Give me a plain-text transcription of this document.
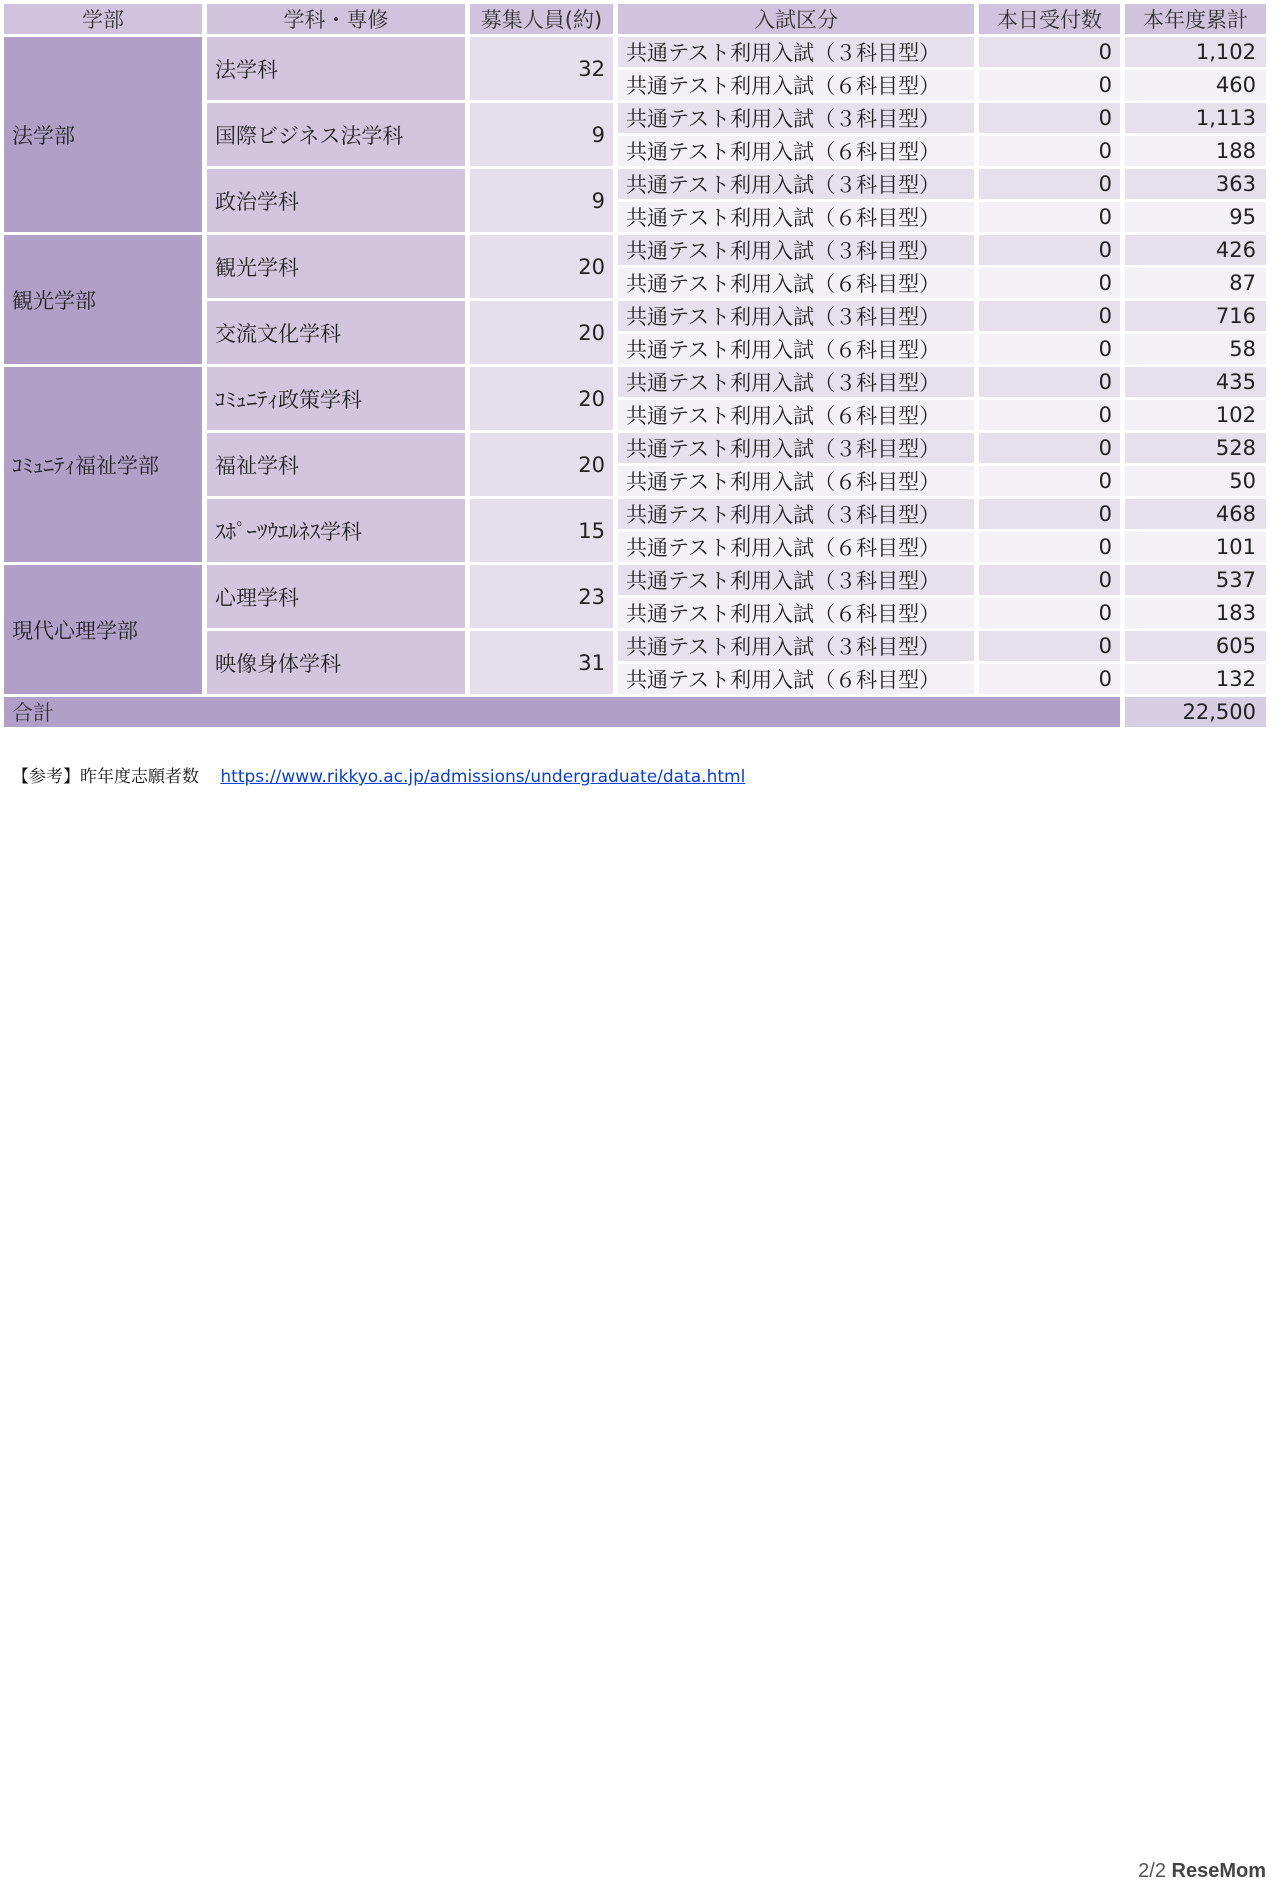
学部	学科・専修	募集人員(約)	入試区分	本日受付数	本年度累計
法学部	法学科	32	共通テスト利用入試（３科目型）	0	1,102
			共通テスト利用入試（６科目型）	0	460
	国際ビジネス法学科	9	共通テスト利用入試（３科目型）	0	1,113
			共通テスト利用入試（６科目型）	0	188
	政治学科	9	共通テスト利用入試（３科目型）	0	363
			共通テスト利用入試（６科目型）	0	95
観光学部	観光学科	20	共通テスト利用入試（３科目型）	0	426
			共通テスト利用入試（６科目型）	0	87
	交流文化学科	20	共通テスト利用入試（３科目型）	0	716
			共通テスト利用入試（６科目型）	0	58
ｺﾐｭﾆﾃｨ福祉学部	ｺﾐｭﾆﾃｨ政策学科	20	共通テスト利用入試（３科目型）	0	435
			共通テスト利用入試（６科目型）	0	102
	福祉学科	20	共通テスト利用入試（３科目型）	0	528
			共通テスト利用入試（６科目型）	0	50
	ｽﾎﾟｰﾂｳｴﾙﾈｽ学科	15	共通テスト利用入試（３科目型）	0	468
			共通テスト利用入試（６科目型）	0	101
現代心理学部	心理学科	23	共通テスト利用入試（３科目型）	0	537
			共通テスト利用入試（６科目型）	0	183
	映像身体学科	31	共通テスト利用入試（３科目型）	0	605
			共通テスト利用入試（６科目型）	0	132
合計					22,500
【参考】昨年度志願者数 https://www.rikkyo.ac.jp/admissions/undergraduate/data.html
2/2 ReseMom
